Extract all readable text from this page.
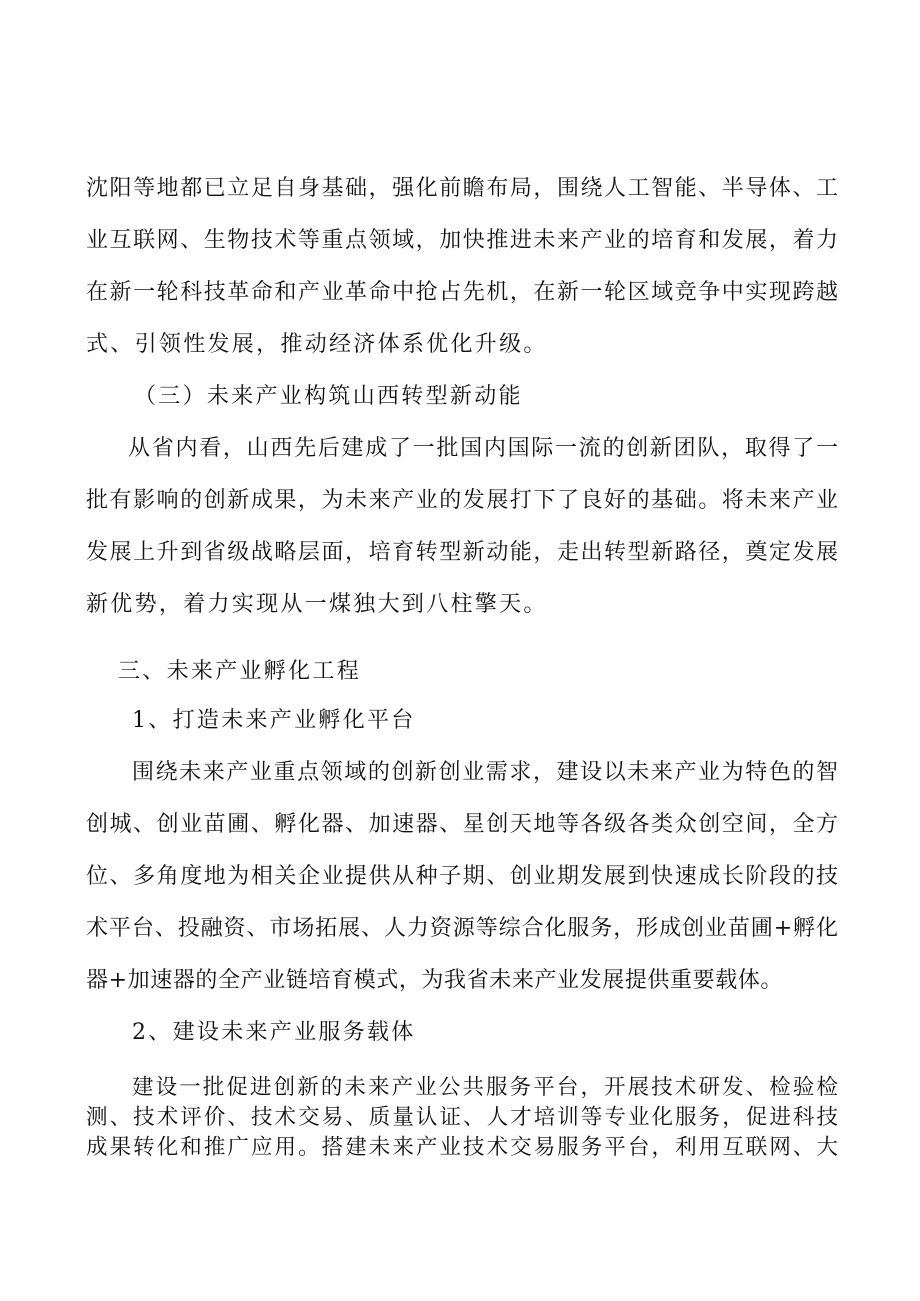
沈阳等地都已立足自身基础，强化前瞻布局，围绕人工智能、半导体、工
业互联网、生物技术等重点领域，加快推进未来产业的培育和发展，着力
在新一轮科技革命和产业革命中抢占先机，在新一轮区域竞争中实现跨越
式、引领性发展，推动经济体系优化升级。
（三）未来产业构筑山西转型新动能
从省内看，山西先后建成了一批国内国际一流的创新团队，取得了一
批有影响的创新成果，为未来产业的发展打下了良好的基础。将未来产业
发展上升到省级战略层面，培育转型新动能，走出转型新路径，奠定发展
新优势，着力实现从一煤独大到八柱擎天。
三、未来产业孵化工程
1、打造未来产业孵化平台
围绕未来产业重点领域的创新创业需求，建设以未来产业为特色的智
创城、创业苗圃、孵化器、加速器、星创天地等各级各类众创空间，全方
位、多角度地为相关企业提供从种子期、创业期发展到快速成长阶段的技
术平台、投融资、市场拓展、人力资源等综合化服务，形成创业苗圃+孵化
器+加速器的全产业链培育模式，为我省未来产业发展提供重要载体。
2、建设未来产业服务载体
建设一批促进创新的未来产业公共服务平台，开展技术研发、检验检
测、技术评价、技术交易、质量认证、人才培训等专业化服务，促进科技
成果转化和推广应用。搭建未来产业技术交易服务平台，利用互联网、大
